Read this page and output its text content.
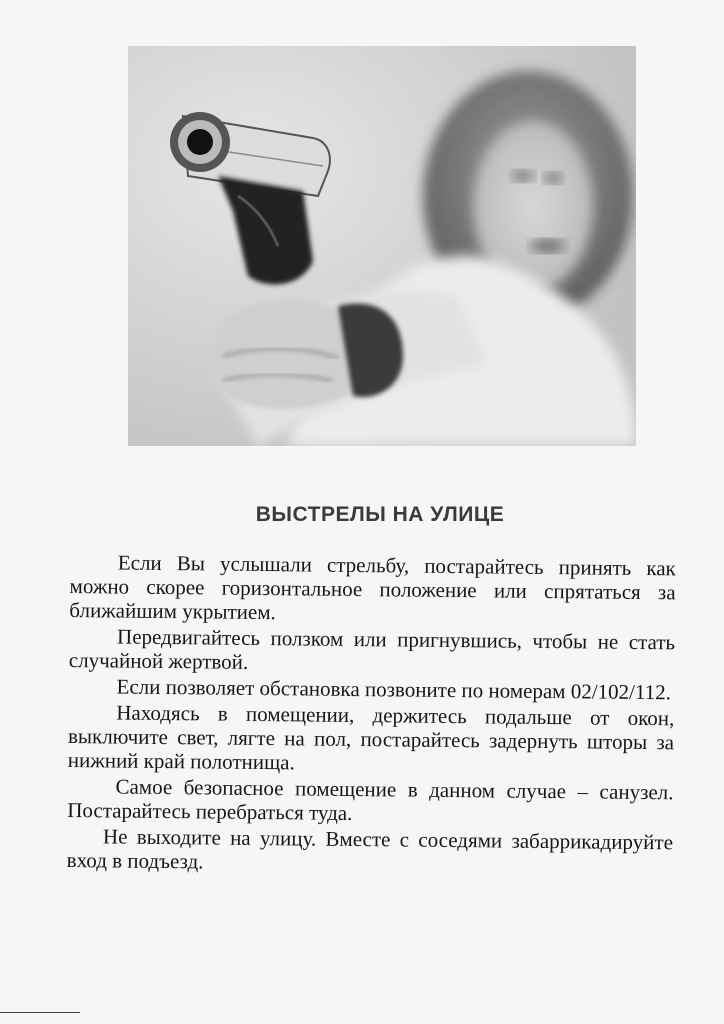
ВЫСТРЕЛЫ НА УЛИЦЕ

Если Вы услышали стрельбу, постарайтесь принять как можно скорее горизонтальное положение или спрятаться за ближайшим укрытием.

Передвигайтесь ползком или пригнувшись, чтобы не стать случайной жертвой.

Если позволяет обстановка позвоните по номерам 02/102/112.

Находясь в помещении, держитесь подальше от окон, выключите свет, лягте на пол, постарайтесь задернуть шторы за нижний край полотнища.

Самое безопасное помещение в данном случае – санузел. Постарайтесь перебраться туда.

Не выходите на улицу. Вместе с соседями забаррикадируйте вход в подъезд.
